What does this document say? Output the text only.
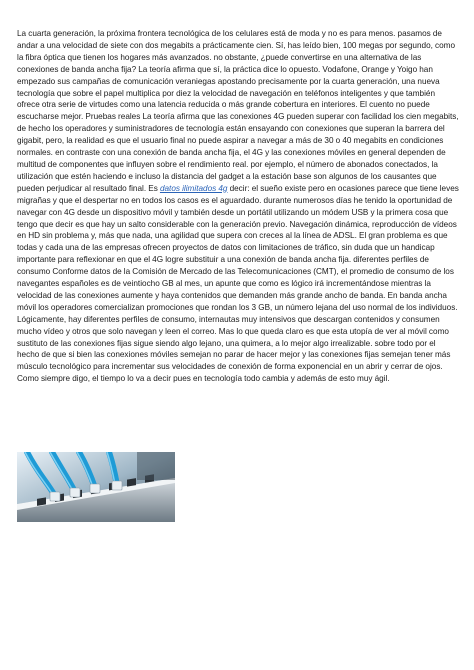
La cuarta generación, la próxima frontera tecnológica de los celulares está de moda y no es para menos. pasamos de andar a una velocidad de siete con dos megabits a prácticamente cien. Sí, has leído bien, 100 megas por segundo, como la fibra óptica que tienen los hogares más avanzados. no obstante, ¿puede convertirse en una alternativa de las conexiones de banda ancha fija? La teoría afirma que sí, la práctica dice lo opuesto. Vodafone, Orange y Yoigo han empezado sus campañas de comunicación veraniegas apostando precisamente por la cuarta generación, una nueva tecnología que sobre el papel multiplica por diez la velocidad de navegación en teléfonos inteligentes y que también ofrece otra serie de virtudes como una latencia reducida o más grande cobertura en interiores. El cuento no puede escucharse mejor. Pruebas reales La teoría afirma que las conexiones 4G pueden superar con facilidad los cien megabits, de hecho los operadores y suministradores de tecnología están ensayando con conexiones que superan la barrera del gigabit, pero, la realidad es que el usuario final no puede aspirar a navegar a más de 30 o 40 megabits en condiciones normales. en contraste con una conexión de banda ancha fija, el 4G y las conexiones móviles en general dependen de multitud de componentes que influyen sobre el rendimiento real. por ejemplo, el número de abonados conectados, la utilización que estén haciendo e incluso la distancia del gadget a la estación base son algunos de los causantes que pueden perjudicar al resultado final. Es datos ilimitados 4g decir: el sueño existe pero en ocasiones parece que tiene leves migrañas y que el despertar no en todos los casos es el aguardado. durante numerosos días he tenido la oportunidad de navegar con 4G desde un dispositivo móvil y también desde un portátil utilizando un módem USB y la primera cosa que tengo que decir es que hay un salto considerable con la generación previo. Navegación dinámica, reproducción de vídeos en HD sin problema y, más que nada, una agilidad que supera con creces al la línea de ADSL. El gran problema es que todas y cada una de las empresas ofrecen proyectos de datos con limitaciones de tráfico, sin duda que un handicap importante para reflexionar en que el 4G logre substituir a una conexión de banda ancha fija. diferentes perfiles de consumo Conforme datos de la Comisión de Mercado de las Telecomunicaciones (CMT), el promedio de consumo de los navegantes españoles es de veintiocho GB al mes, un apunte que como es lógico irá incrementándose mientras la velocidad de las conexiones aumente y haya contenidos que demanden más grande ancho de banda. En banda ancha móvil los operadores comercializan promociones que rondan los 3 GB, un número lejana del uso normal de los individuos. Lógicamente, hay diferentes perfiles de consumo, internautas muy intensivos que descargan contenidos y consumen mucho vídeo y otros que solo navegan y leen el correo. Mas lo que queda claro es que esta utopía de ver al móvil como sustituto de las conexiones fijas sigue siendo algo lejano, una quimera, a lo mejor algo irrealizable. sobre todo por el hecho de que si bien las conexiones móviles semejan no parar de hacer mejor y las conexiones fijas semejan tener más músculo tecnológico para incrementar sus velocidades de conexión de forma exponencial en un abrir y cerrar de ojos. Como siempre digo, el tiempo lo va a decir pues en tecnología todo cambia y además de esto muy ágil.
